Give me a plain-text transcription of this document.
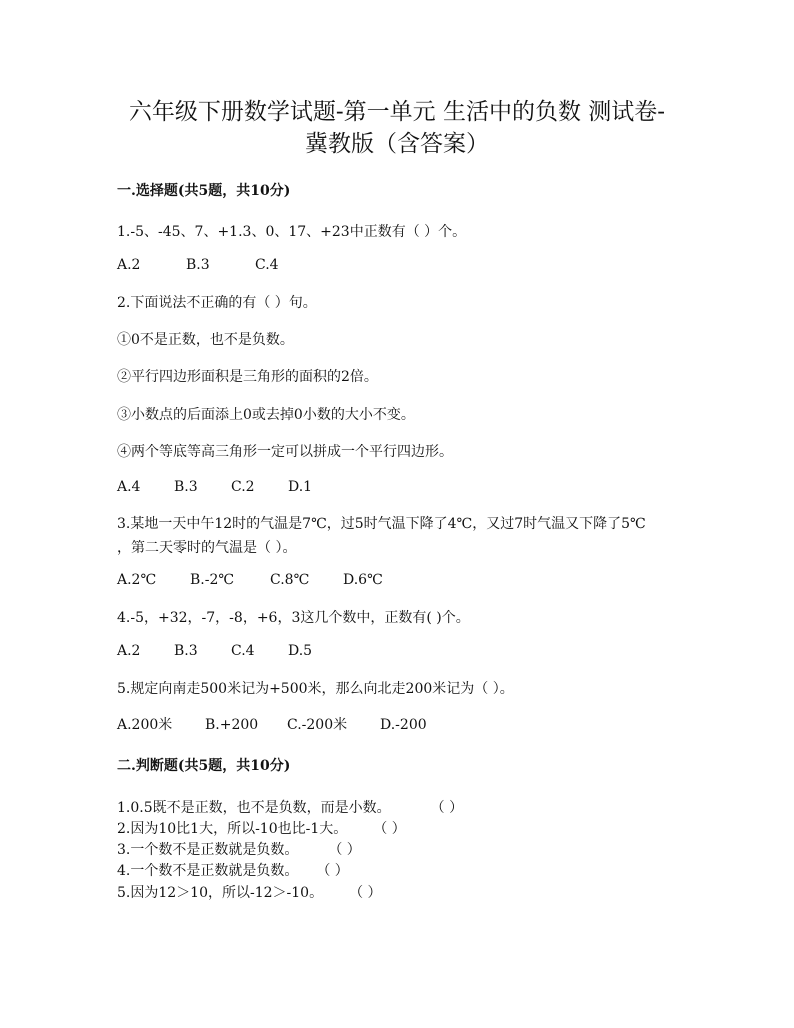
六年级下册数学试题-第一单元 生活中的负数 测试卷-
冀教版（含答案）
一.选择题(共5题，共10分)
1.-5、-45、7、+1.3、0、17、+23中正数有（ ）个。
A.2	B.3	C.4
2.下面说法不正确的有（ ）句。
①0不是正数，也不是负数。
②平行四边形面积是三角形的面积的2倍。
③小数点的后面添上0或去掉0小数的大小不变。
④两个等底等高三角形一定可以拼成一个平行四边形。
A.4 B.3 C.2 D.1
3.某地一天中午12时的气温是7℃，过5时气温下降了4℃，又过7时气温又下降了5℃
，第二天零时的气温是（ ）。
A.2℃ B.-2℃	C.8℃ D.6℃
4.-5，+32，-7，-8，+6，3这几个数中，正数有( )个。
A.2 B.3 C.4 D.5
5.规定向南走500米记为+500米，那么向北走200米记为（ ）。
A.200米 B.+200 C.-200米 D.-200
二.判断题(共5题，共10分)
1.0.5既不是正数，也不是负数，而是小数。	（ ）
2.因为10比1大，所以-10也比-1大。 （ ）
3.一个数不是正数就是负数。 （ ）
4.一个数不是正数就是负数。 （ ）
5.因为12＞10，所以-12＞-10。 （ ）
